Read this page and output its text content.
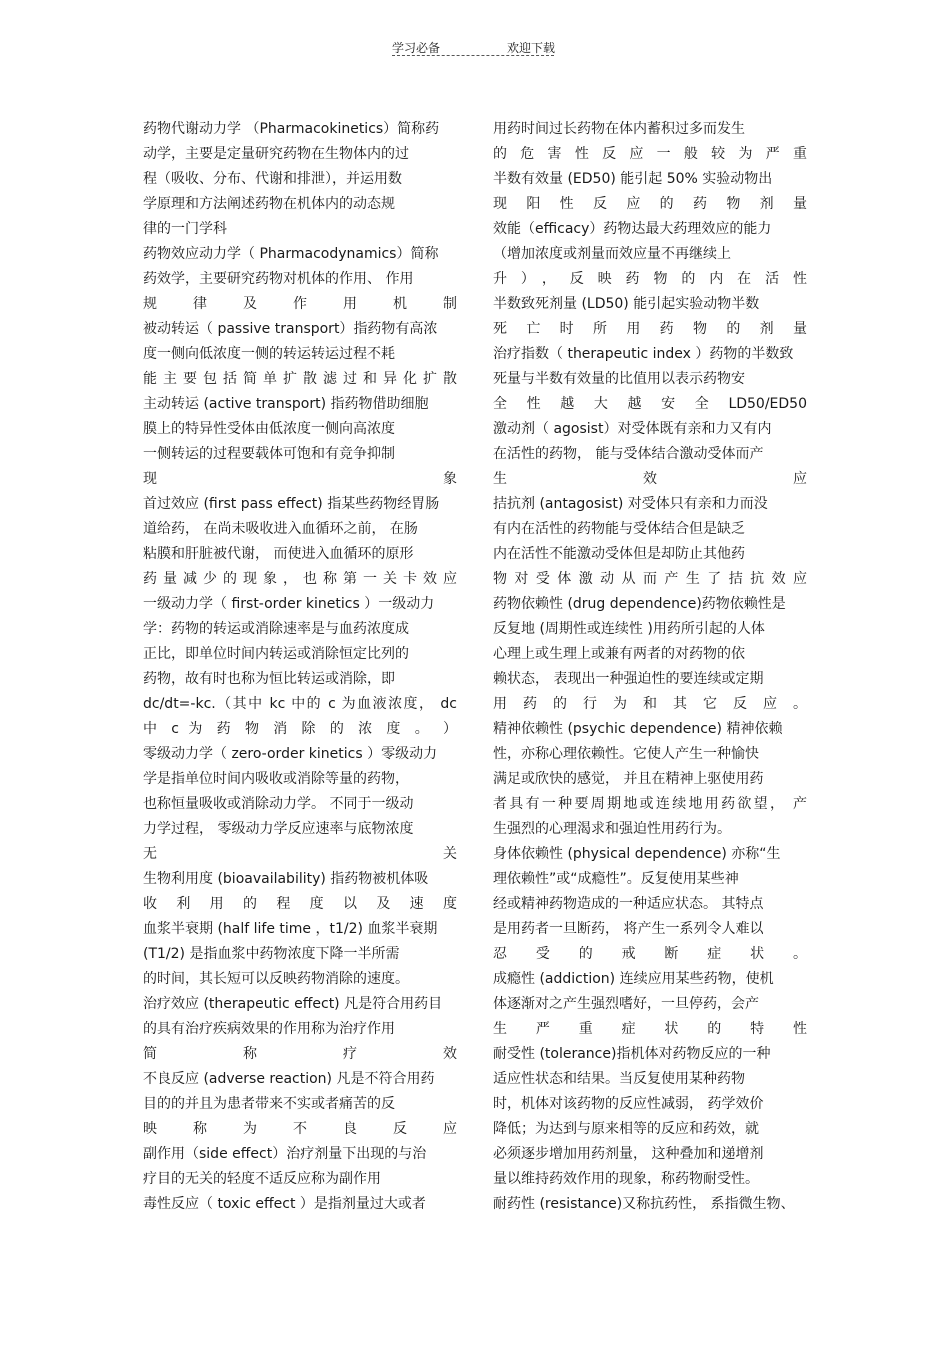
学习必备	欢迎下载
药物代谢动力学 （Pharmacokinetics）简称药
动学，主要是定量研究药物在生物体内的过
程（吸收、分布、代谢和排泄），并运用数
学原理和方法阐述药物在机体内的动态规
律的一门学科
药物效应动力学（ Pharmacodynamics）简称
药效学，主要研究药物对机体的作用、 作用
规 律 及 作 用 机 制
被动转运（ passive transport）指药物有高浓
度一侧向低浓度一侧的转运转运过程不耗
能主要包括简单扩散滤过和异化扩散
主动转运 (active transport) 指药物借助细胞
膜上的特异性受体由低浓度一侧向高浓度
一侧转运的过程要载体可饱和有竞争抑制
现 象
首过效应 (first pass effect) 指某些药物经胃肠
道给药， 在尚未吸收进入血循环之前， 在肠
粘膜和肝脏被代谢， 而使进入血循环的原形
药量减少的现象，也称第一关卡效应
一级动力学（ first-order kinetics ）一级动力
学：药物的转运或消除速率是与血药浓度成
正比，即单位时间内转运或消除恒定比列的
药物，故有时也称为恒比转运或消除，即
dc/dt=-kc.（其中 kc 中的 c 为血液浓度， dc
中 c 为 药 物 消 除 的 浓 度 。 ）
零级动力学（ zero-order kinetics ）零级动力
学是指单位时间内吸收或消除等量的药物，
也称恒量吸收或消除动力学。 不同于一级动
力学过程， 零级动力学反应速率与底物浓度
无 关
生物利用度 (bioavailability) 指药物被机体吸
收 利 用 的 程 度 以 及 速 度
血浆半衰期 (half life time ，t1/2) 血浆半衰期
(T1/2) 是指血浆中药物浓度下降一半所需
的时间，其长短可以反映药物消除的速度。
治疗效应 (therapeutic effect) 凡是符合用药目
的具有治疗疾病效果的作用称为治疗作用
简 称 疗 效
不良反应 (adverse reaction) 凡是不符合用药
目的的并且为患者带来不实或者痛苦的反
映 称 为 不 良 反 应
副作用（side effect）治疗剂量下出现的与治
疗目的无关的轻度不适反应称为副作用
毒性反应（ toxic effect ）是指剂量过大或者
用药时间过长药物在体内蓄积过多而发生
的危害性反应一般较为严重
半数有效量 (ED50) 能引起 50% 实验动物出
现 阳 性 反 应 的 药 物 剂 量
效能（efficacy）药物达最大药理效应的能力
（增加浓度或剂量而效应量不再继续上
升），反映药物的内在活性
半数致死剂量 (LD50) 能引起实验动物半数
死 亡 时 所 用 药 物 的 剂 量
治疗指数（ therapeutic index ）药物的半数致
死量与半数有效量的比值用以表示药物安
全 性 越 大 越 安 全 LD50/ED50
激动剂（ agosist）对受体既有亲和力又有内
在活性的药物， 能与受体结合激动受体而产
生 效 应
拮抗剂 (antagosist) 对受体只有亲和力而没
有内在活性的药物能与受体结合但是缺乏
内在活性不能激动受体但是却防止其他药
物对受体激动从而产生了拮抗效应
药物依赖性 (drug dependence)药物依赖性是
反复地 (周期性或连续性 )用药所引起的人体
心理上或生理上或兼有两者的对药物的依
赖状态， 表现出一种强迫性的要连续或定期
用 药 的 行 为 和 其 它 反 应 。
精神依赖性 (psychic dependence) 精神依赖
性，亦称心理依赖性。它使人产生一种愉快
满足或欣快的感觉， 并且在精神上驱使用药
者具有一种要周期地或连续地用药欲望， 产
生强烈的心理渴求和强迫性用药行为。
身体依赖性 (physical dependence) 亦称“生
理依赖性”或“成瘾性”。反复使用某些神
经或精神药物造成的一种适应状态。 其特点
是用药者一旦断药， 将产生一系列令人难以
忍 受 的 戒 断 症 状 。
成瘾性 (addiction) 连续应用某些药物，使机
体逐渐对之产生强烈嗜好，一旦停药，会产
生 严 重 症 状 的 特 性
耐受性 (tolerance)指机体对药物反应的一种
适应性状态和结果。当反复使用某种药物
时，机体对该药物的反应性减弱， 药学效价
降低；为达到与原来相等的反应和药效，就
必须逐步增加用药剂量， 这种叠加和递增剂
量以维持药效作用的现象，称药物耐受性。
耐药性 (resistance)又称抗药性， 系指微生物、
